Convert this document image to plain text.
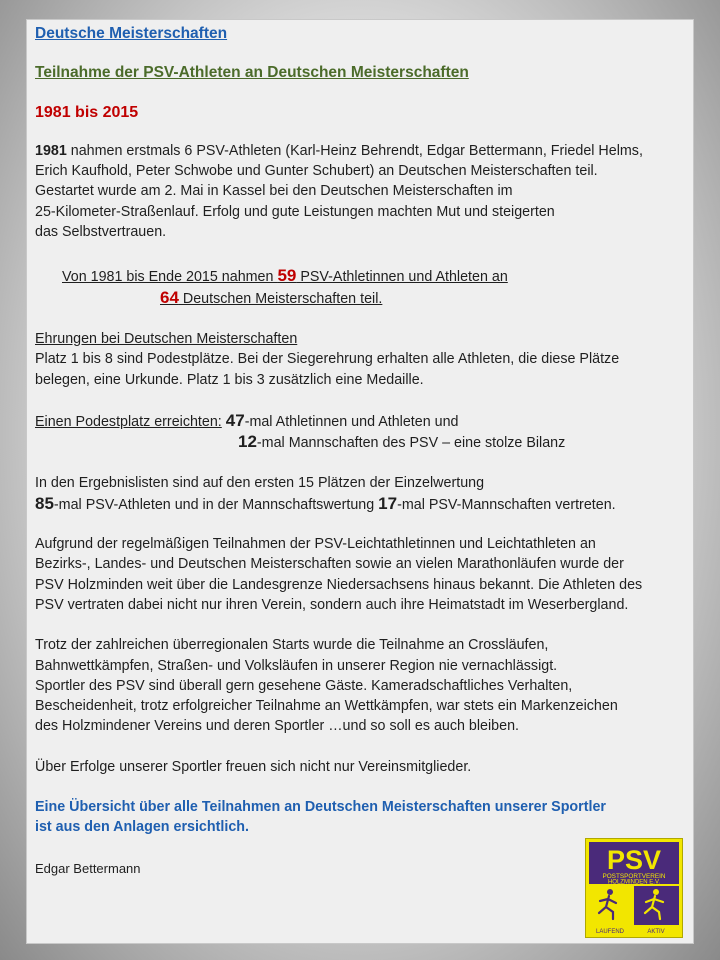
Deutsche Meisterschaften

Teilnahme der PSV-Athleten an Deutschen Meisterschaften

1981 bis 2015

1981 nahmen erstmals 6 PSV-Athleten (Karl-Heinz Behrendt, Edgar Bettermann, Friedel Helms,

Erich Kaufhold, Peter Schwobe und Gunter Schubert) an Deutschen Meisterschaften teil.

Gestartet wurde am 2. Mai in Kassel bei den Deutschen Meisterschaften im

25-Kilometer-Straßenlauf. Erfolg und gute Leistungen machten Mut und steigerten

das Selbstvertrauen.

Von 1981 bis Ende 2015 nahmen 59 PSV-Athletinnen und Athleten an

64 Deutschen Meisterschaften teil.

Ehrungen bei Deutschen Meisterschaften

Platz 1 bis 8 sind Podestplätze. Bei der Siegerehrung erhalten alle Athleten, die diese Plätze

belegen, eine Urkunde. Platz 1 bis 3 zusätzlich eine Medaille.

Einen Podestplatz erreichten: 47-mal Athletinnen und Athleten und

12-mal Mannschaften des PSV – eine stolze Bilanz

In den Ergebnislisten sind auf den ersten 15 Plätzen der Einzelwertung

85-mal PSV-Athleten und in der Mannschaftswertung 17-mal PSV-Mannschaften vertreten.

Aufgrund der regelmäßigen Teilnahmen der PSV-Leichtathletinnen und Leichtathleten an

Bezirks-, Landes- und Deutschen Meisterschaften sowie an vielen Marathonläufen wurde der

PSV Holzminden weit über die Landesgrenze Niedersachsens hinaus bekannt. Die Athleten des

PSV vertraten dabei nicht nur ihren Verein, sondern auch ihre Heimatstadt im Weserbergland.

Trotz der zahlreichen überregionalen Starts wurde die Teilnahme an Crossläufen,

Bahnwettkämpfen, Straßen- und Volksläufen in unserer Region nie vernachlässigt.

Sportler des PSV sind überall gern gesehene Gäste. Kameradschaftliches Verhalten,

Bescheidenheit, trotz erfolgreicher Teilnahme an Wettkämpfen, war stets ein Markenzeichen

des Holzmindener Vereins und deren Sportler …und so soll es auch bleiben.

Über Erfolge unserer Sportler freuen sich nicht nur Vereinsmitglieder.

Eine Übersicht über alle Teilnahmen an Deutschen Meisterschaften unserer Sportler

ist aus den Anlagen ersichtlich.

Edgar Bettermann	PSV
POSTSPORTVEREIN
HOLZMINDEN E.V.
LAUFEND	AKTIV
